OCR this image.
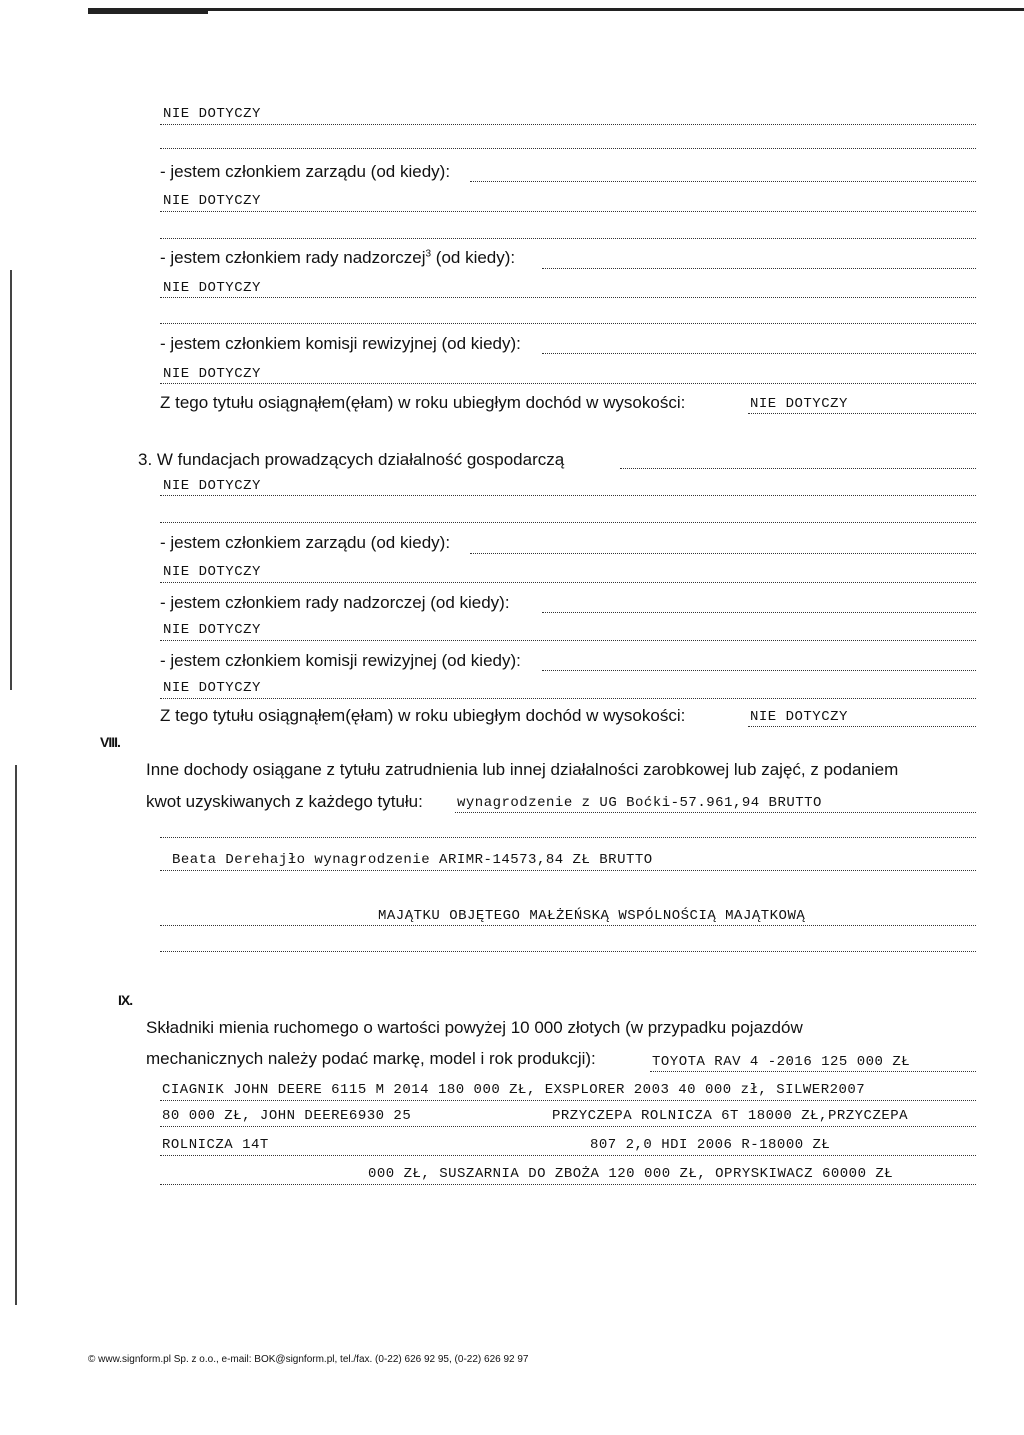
NIE DOTYCZY
- jestem członkiem zarządu (od kiedy):
NIE DOTYCZY
- jestem członkiem rady nadzorczej$^3$ (od kiedy):
NIE DOTYCZY
- jestem członkiem komisji rewizyjnej (od kiedy):
NIE DOTYCZY
Z tego tytułu osiągnąłem(ęłam) w roku ubiegłym dochód w wysokości:	NIE DOTYCZY
3. W fundacjach prowadzących działalność gospodarczą
NIE DOTYCZY
- jestem członkiem zarządu (od kiedy):
NIE DOTYCZY
- jestem członkiem rady nadzorczej (od kiedy):
NIE DOTYCZY
- jestem członkiem komisji rewizyjnej (od kiedy):
NIE DOTYCZY
Z tego tytułu osiągnąłem(ęłam) w roku ubiegłym dochód w wysokości:	NIE DOTYCZY
VIII.
Inne dochody osiągane z tytułu zatrudnienia lub innej działalności zarobkowej lub zajęć, z podaniem
kwot uzyskiwanych z każdego tytułu: wynagrodzenie z UG Boćki-57.961,94 BRUTTO
Beata Derehajło wynagrodzenie ARIMR-14573,84 ZŁ BRUTTO
MAJĄTKU OBJĘTEGO MAŁŻEŃSKĄ WSPÓLNOŚCIĄ MAJĄTKOWĄ
IX.
Składniki mienia ruchomego o wartości powyżej 10 000 złotych (w przypadku pojazdów
mechanicznych należy podać markę, model i rok produkcji):	TOYOTA RAV 4 -2016 125 000 ZŁ
CIAGNIK JOHN DEERE 6115 M 2014 180 000 ZŁ, EXSPLORER 2003 40 000 zł, SILWER2007
80 000 ZŁ, JOHN DEERE6930 25	PRZYCZEPA ROLNICZA 6T 18000 ZŁ,PRZYCZEPA
ROLNICZA 14T	807 2,0 HDI 2006 R-18000 ZŁ
000 ZŁ, SUSZARNIA DO ZBOŻA 120 000 ZŁ, OPRYSKIWACZ 60000 ZŁ
© www.signform.pl Sp. z o.o., e-mail: BOK@signform.pl, tel./fax. (0-22) 626 92 95, (0-22) 626 92 97
